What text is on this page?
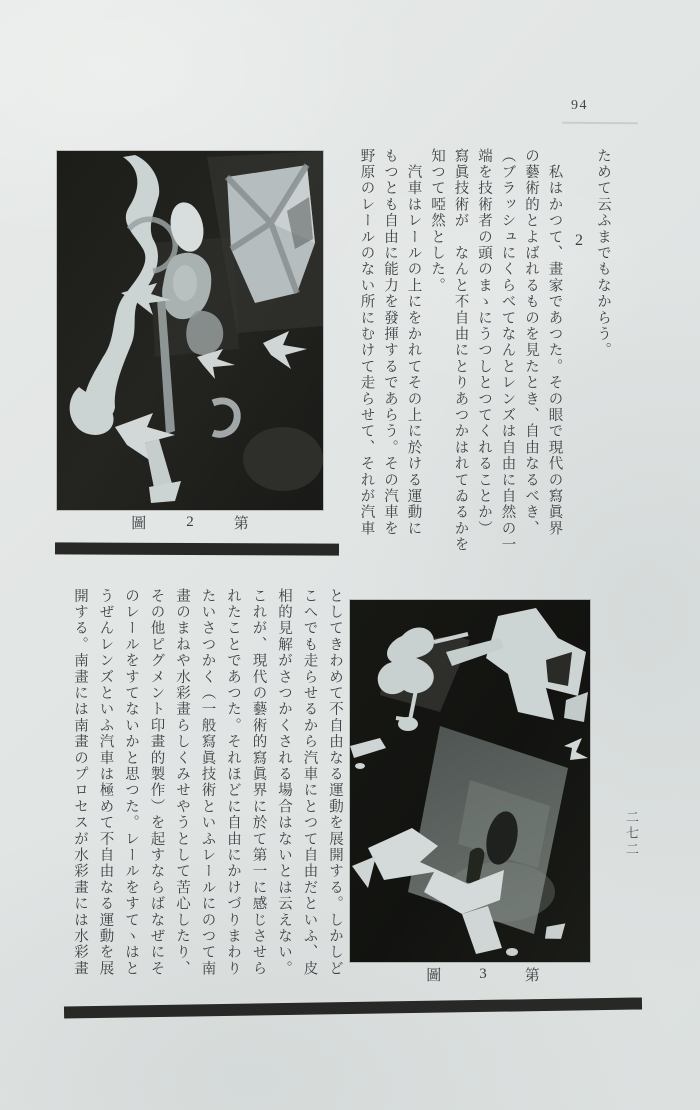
94
圖	2	第
ためて云ふまでもなからう。
2
　私はかつて、畫家であつた。その眼で現代の寫眞界
の藝術的とよばれるものを見たとき、自由なるべき、
（ブラッシュにくらべてなんとレンズは自由に自然の一
端を技術者の頭のまゝにうつしとつてくれることか）
寫眞技術が　なんと不自由にとりあつかはれてゐるかを
知つて啞然とした。
　汽車はレールの上にをかれてその上に於ける運動に
もつとも自由に能力を發揮するであらう。その汽車を
野原のレールのない所にむけて走らせて、それが汽車
としてきわめて不自由なる運動を展開する。しかしど
こへでも走らせるから汽車にとつて自由だといふ、皮
相的見解がさつかくされる場合はないとは云えない。
これが、現代の藝術的寫眞界に於て第一に感じさせら
れたことであつた。それほどに自由にかけづりまわり
たいさつかく（一般寫眞技術といふレールにのつて南
畫のまねや水彩畫らしくみせやうとして苦心したり、
その他ピグメント印畫的製作）を起すならばなぜにそ
のレールをすてないかと思つた。レールをすてヽはと
うぜんレンズといふ汽車は極めて不自由なる運動を展
開する。南畫には南畫のプロセスが水彩畫には水彩畫	圖	3	第
二七二
